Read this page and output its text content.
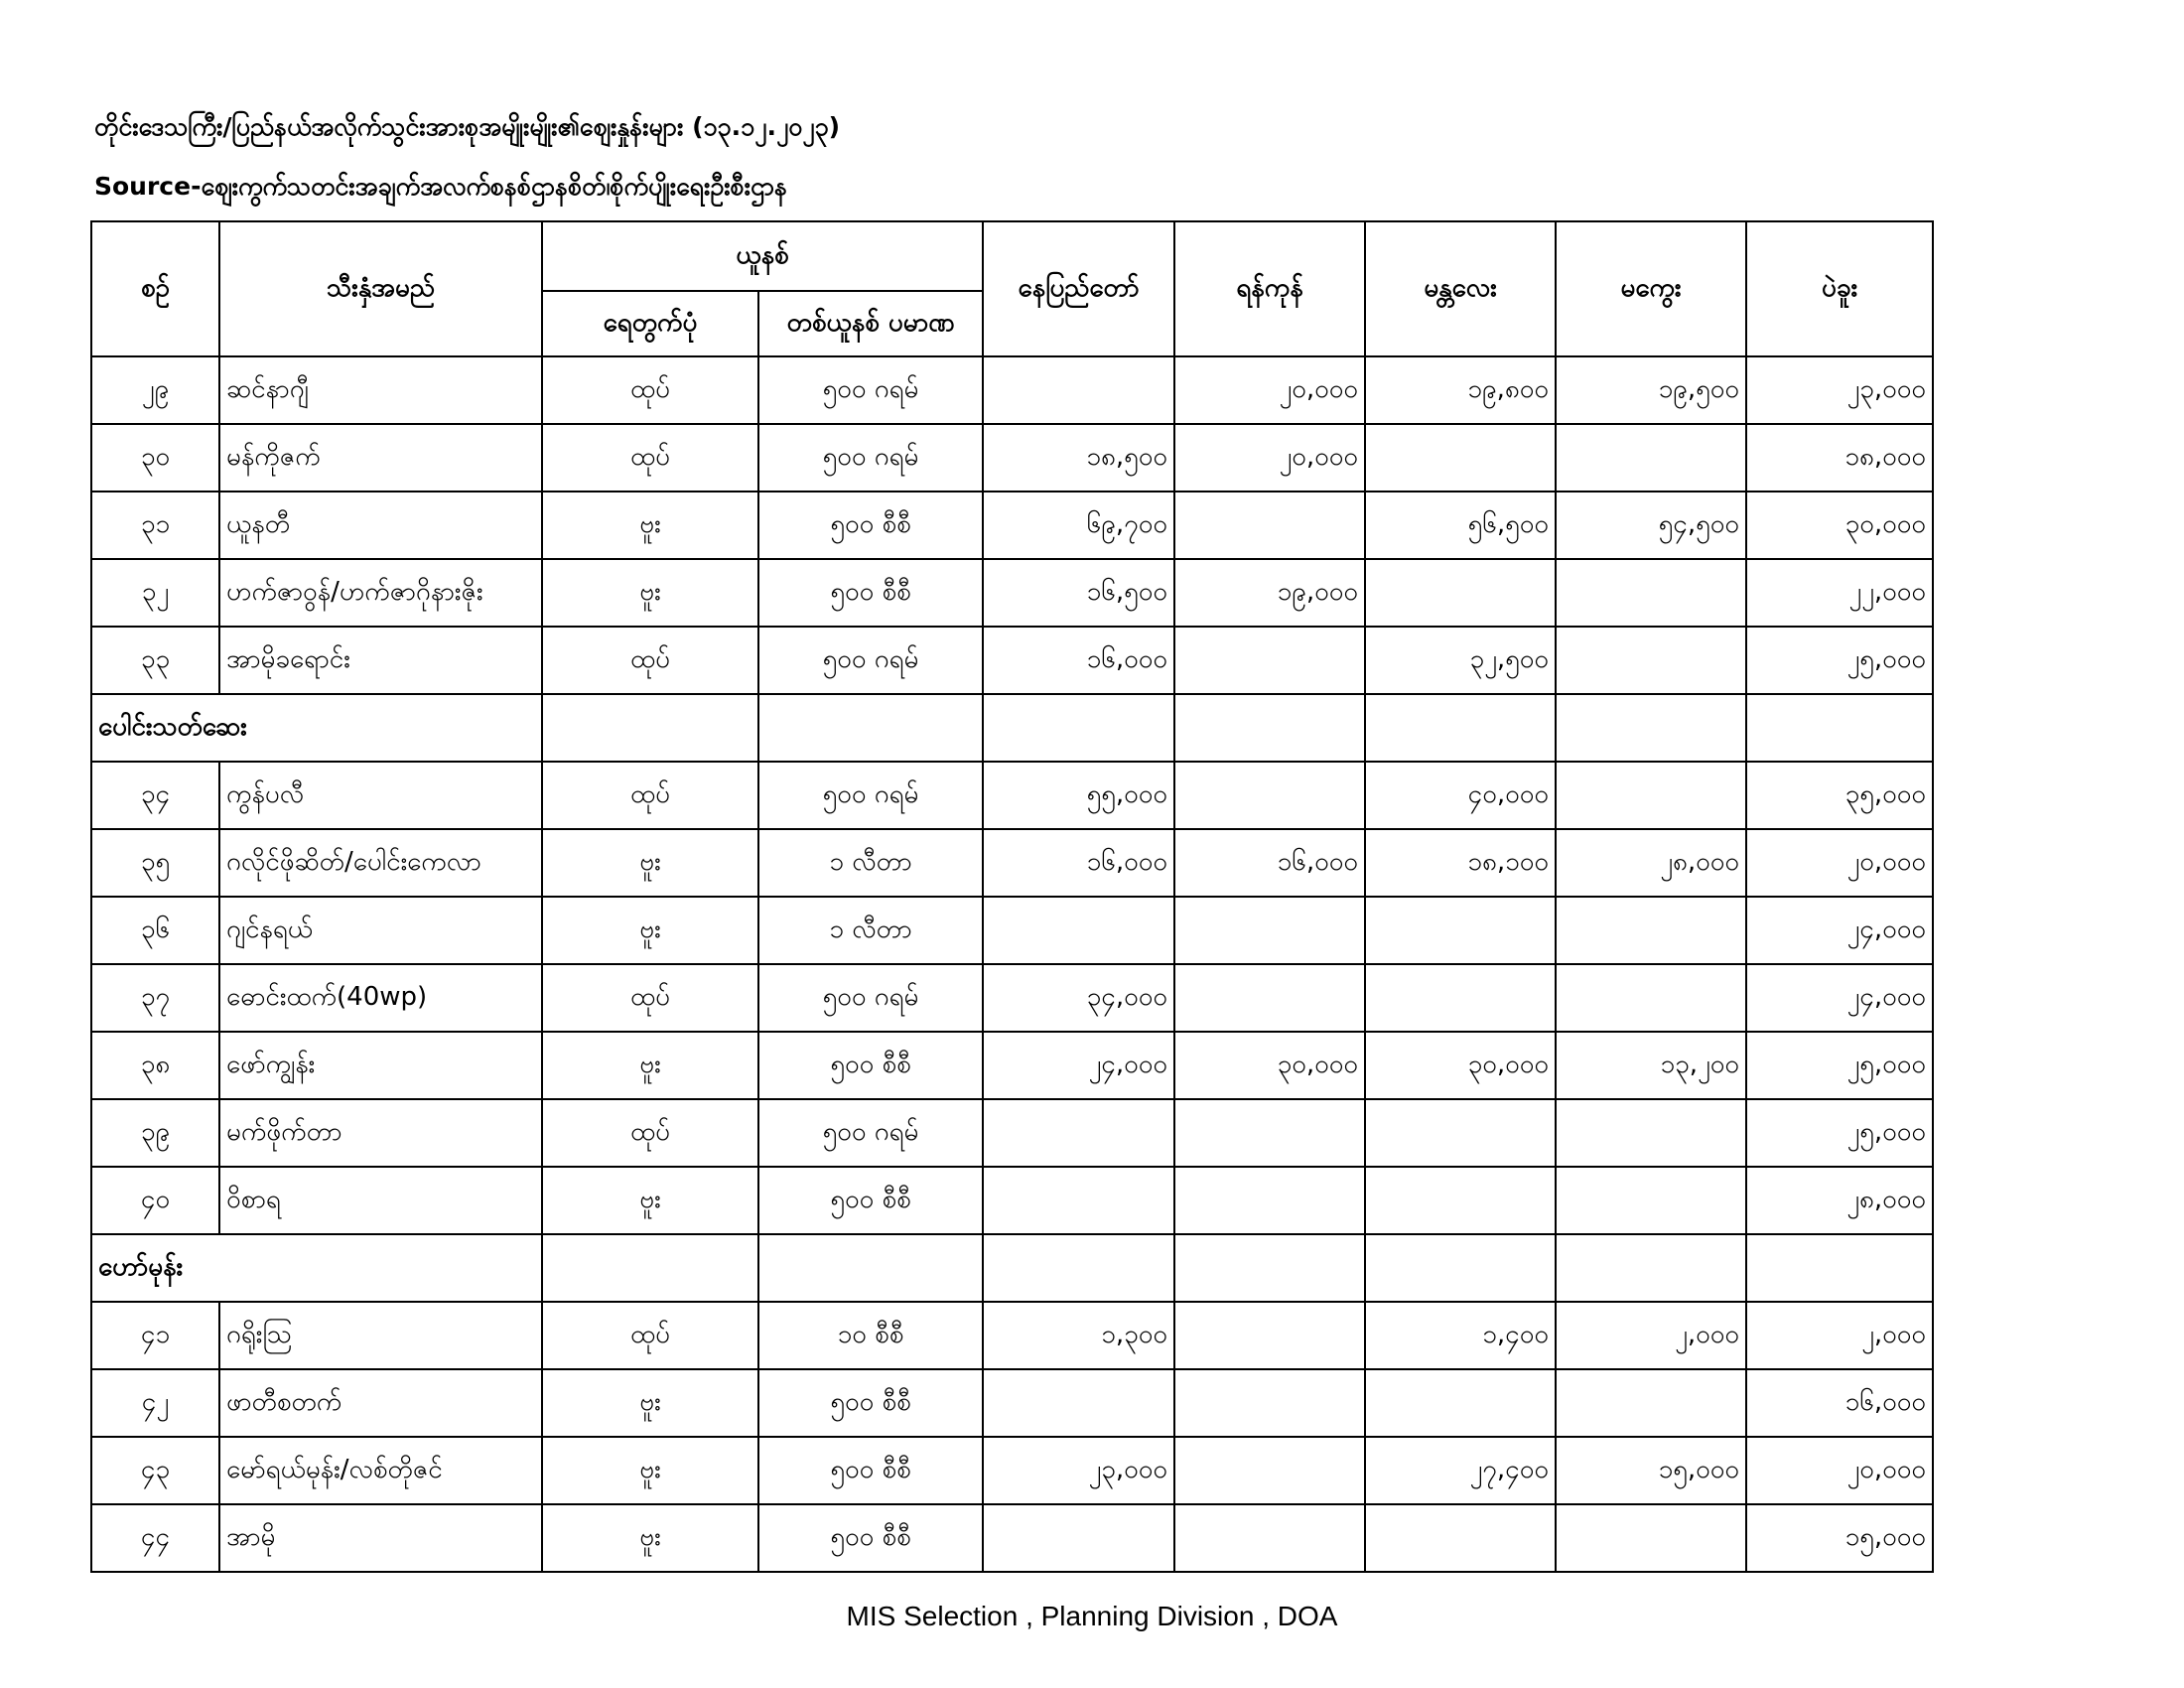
တိုင်းဒေသကြီး/ပြည်နယ်အလိုက်သွင်းအားစုအမျိုးမျိုး၏ဈေးနှုန်းများ (၁၃.၁၂.၂၀၂၃)
Source-ဈေးကွက်သတင်းအချက်အလက်စနစ်ဌာနစိတ်၊စိုက်ပျိုးရေးဦးစီးဌာန
စဉ်	သီးနှံအမည်	ယူနစ်		နေပြည်တော်	ရန်ကုန်	မန္တလေး	မကွေး	ပဲခူး
		ရေတွက်ပုံ	တစ်ယူနစ် ပမာဏ					
၂၉	ဆင်နာဂျီ	ထုပ်	၅၀၀ ဂရမ်		၂၀,၀၀၀	၁၉,၈၀၀	၁၉,၅၀၀	၂၃,၀၀၀
၃၀	မန်ကိုဇက်	ထုပ်	၅၀၀ ဂရမ်	၁၈,၅၀၀	၂၀,၀၀၀			၁၈,၀၀၀
၃၁	ယူနတီ	ဗူး	၅၀၀ စီစီ	၆၉,၇၀၀		၅၆,၅၀၀	၅၄,၅၀၀	၃၀,၀၀၀
၃၂	ဟက်ဇာဝွန်/ဟက်ဇာဂိုနားဇိုး	ဗူး	၅၀၀ စီစီ	၁၆,၅၀၀	၁၉,၀၀၀			၂၂,၀၀၀
၃၃	အာမိုခရောင်း	ထုပ်	၅၀၀ ဂရမ်	၁၆,၀၀၀		၃၂,၅၀၀		၂၅,၀၀၀
ပေါင်းသတ်ဆေး								
၃၄	ကွန်ပလီ	ထုပ်	၅၀၀ ဂရမ်	၅၅,၀၀၀		၄၀,၀၀၀		၃၅,၀၀၀
၃၅	ဂလိုင်ဖိုဆိတ်/ပေါင်းကေလာ	ဗူး	၁ လီတာ	၁၆,၀၀၀	၁၆,၀၀၀	၁၈,၁၀၀	၂၈,၀၀၀	၂၀,၀၀၀
၃၆	ဂျင်နရယ်	ဗူး	၁ လီတာ					၂၄,၀၀၀
၃၇	ဓောင်းထက်(40wp)	ထုပ်	၅၀၀ ဂရမ်	၃၄,၀၀၀				၂၄,၀၀၀
၃၈	ဖော်ကျွန်း	ဗူး	၅၀၀ စီစီ	၂၄,၀၀၀	၃၀,၀၀၀	၃၀,၀၀၀	၁၃,၂၀၀	၂၅,၀၀၀
၃၉	မက်ဖိုက်တာ	ထုပ်	၅၀၀ ဂရမ်					၂၅,၀၀၀
၄၀	ဝိစာရ	ဗူး	၅၀၀ စီစီ					၂၈,၀၀၀
ဟော်မုန်း								
၄၁	ဂရိုးသြ	ထုပ်	၁၀ စီစီ	၁,၃၀၀		၁,၄၀၀	၂,၀၀၀	၂,၀၀၀
၄၂	ဖာတီစတက်	ဗူး	၅၀၀ စီစီ					၁၆,၀၀၀
၄၃	မော်ရယ်မုန်း/လစ်တိုဇင်	ဗူး	၅၀၀ စီစီ	၂၃,၀၀၀		၂၇,၄၀၀	၁၅,၀၀၀	၂၀,၀၀၀
၄၄	အာမို	ဗူး	၅၀၀ စီစီ					၁၅,၀၀၀
MIS Selection , Planning Division , DOA
